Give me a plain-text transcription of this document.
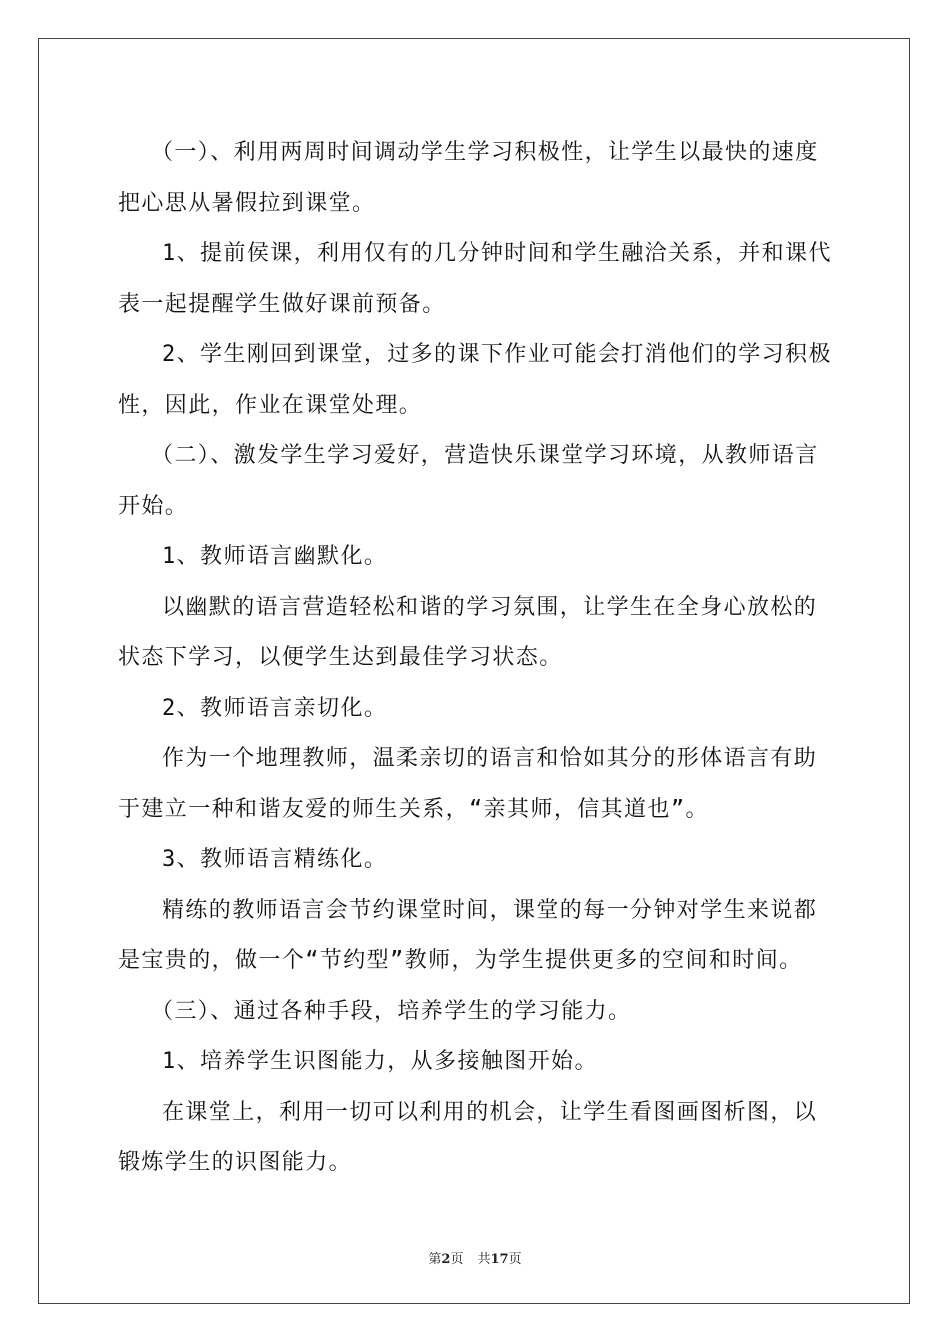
（一）、利用两周时间调动学生学习积极性，让学生以最快的速度把心思从暑假拉到课堂。

1、提前侯课，利用仅有的几分钟时间和学生融洽关系，并和课代表一起提醒学生做好课前预备。

2、学生刚回到课堂，过多的课下作业可能会打消他们的学习积极性，因此，作业在课堂处理。

（二）、激发学生学习爱好，营造快乐课堂学习环境，从教师语言开始。

1、教师语言幽默化。

以幽默的语言营造轻松和谐的学习氛围，让学生在全身心放松的状态下学习，以便学生达到最佳学习状态。

2、教师语言亲切化。

作为一个地理教师，温柔亲切的语言和恰如其分的形体语言有助于建立一种和谐友爱的师生关系，“亲其师，信其道也”。

3、教师语言精练化。

精练的教师语言会节约课堂时间，课堂的每一分钟对学生来说都是宝贵的，做一个“节约型”教师，为学生提供更多的空间和时间。

（三）、通过各种手段，培养学生的学习能力。

1、培养学生识图能力，从多接触图开始。

在课堂上，利用一切可以利用的机会，让学生看图画图析图，以锻炼学生的识图能力。

第2页 共17页
